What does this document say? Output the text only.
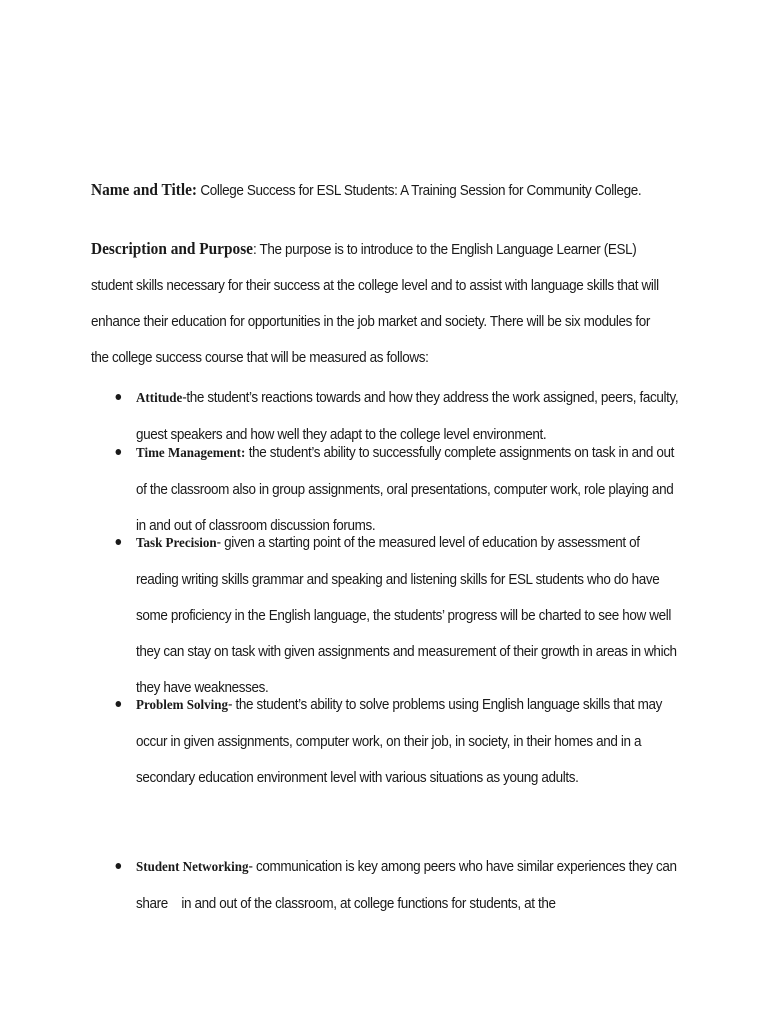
Name and Title: College Success for ESL Students: A Training Session for Community College.
Description and Purpose: The purpose is to introduce to the English Language Learner (ESL) student skills necessary for their success at the college level and to assist with language skills that will enhance their education for opportunities in the job market and society. There will be six modules for the college success course that will be measured as follows:
Attitude-the student’s reactions towards and how they address the work assigned, peers, faculty, guest speakers and how well they adapt to the college level environment.
Time Management: the student’s ability to successfully complete assignments on task in and out of the classroom also in group assignments, oral presentations, computer work, role playing and in and out of classroom discussion forums.
Task Precision- given a starting point of the measured level of education by assessment of reading writing skills grammar and speaking and listening skills for ESL students who do have some proficiency in the English language, the students’ progress will be charted to see how well they can stay on task with given assignments and measurement of their growth in areas in which they have weaknesses.
Problem Solving- the student’s ability to solve problems using English language skills that may occur in given assignments, computer work, on their job, in society, in their homes and in a secondary education environment level with various situations as young adults.
Student Networking- communication is key among peers who have similar experiences they can share    in and out of the classroom, at college functions for students, at the
